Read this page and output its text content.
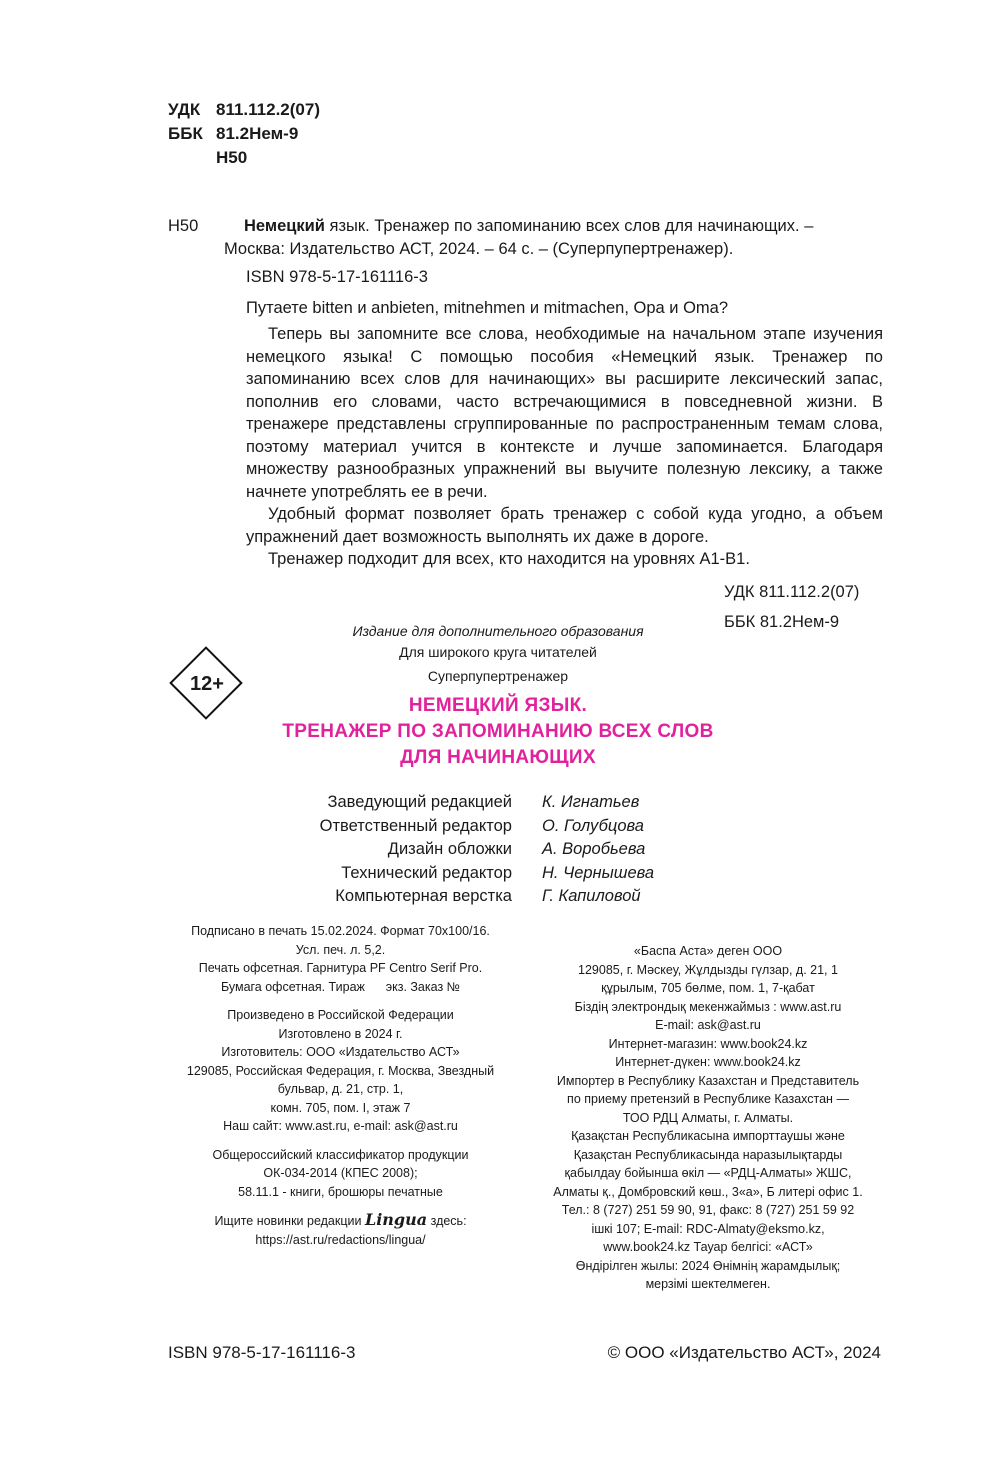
УДК 811.112.2(07)
ББК 81.2Нем-9
Н50
Н50	Немецкий язык. Тренажер по запоминанию всех слов для начинающих. –
Москва: Издательство АСТ, 2024. – 64 с. – (Суперпупертренажер).
ISBN 978-5-17-161116-3

Путаете bitten и anbieten, mitnehmen и mitmachen, Opa и Oma?

Теперь вы запомните все слова, необходимые на начальном этапе изучения немецкого языка! С помощью пособия «Немецкий язык. Тренажер по запоминанию всех слов для начинающих» вы расширите лексический запас, пополнив его словами, часто встречающимися в повседневной жизни. В тренажере представлены сгруппированные по распространенным темам слова, поэтому материал учится в контексте и лучше запоминается. Благодаря множеству разнообразных упражнений вы выучите полезную лексику, а также начнете употреблять ее в речи.

Удобный формат позволяет брать тренажер с собой куда угодно, а объем упражнений дает возможность выполнять их даже в дороге.

Тренажер подходит для всех, кто находится на уровнях A1-B1.

УДК 811.112.2(07)
ББК 81.2Нем-9
Издание для дополнительного образования
Для широкого круга читателей
12+	Суперпупертренажер
НЕМЕЦКИЙ ЯЗЫК.
ТРЕНАЖЕР ПО ЗАПОМИНАНИЮ ВСЕХ СЛОВ
ДЛЯ НАЧИНАЮЩИХ
Заведующий редакцией К. Игнатьев
Ответственный редактор О. Голубцова
Дизайн обложки А. Воробьева
Технический редактор Н. Чернышева
Компьютерная верстка Г. Капиловой
Подписано в печать 15.02.2024. Формат 70х100/16.
Усл. печ. л. 5,2.
Печать офсетная. Гарнитура PF Centro Serif Pro.
Бумага офсетная. Тираж      экз. Заказ №
Произведено в Российской Федерации
Изготовлено в 2024 г.
Изготовитель: ООО «Издательство АСТ»
129085, Российская Федерация, г. Москва, Звездный
бульвар, д. 21, стр. 1,
комн. 705, пом. I, этаж 7
Наш сайт: www.ast.ru, e-mail: ask@ast.ru
Общероссийский классификатор продукции
ОК-034-2014 (КПЕС 2008);
58.11.1 - книги, брошюры печатные
Ищите новинки редакции Lingua здесь:
https://ast.ru/redactions/lingua/
«Баспа Аста» деген ООО
129085, г. Мәскеу, Жұлдызды гүлзар, д. 21, 1
құрылым, 705 бөлме, пом. 1, 7-қабат
Біздің электрондық мекенжаймыз : www.ast.ru
E-mail: ask@ast.ru
Интернет-магазин: www.book24.kz
Интернет-дүкен: www.book24.kz
Импортер в Республику Казахстан и Представитель
по приему претензий в Республике Казахстан —
ТОО РДЦ Алматы, г. Алматы.
Қазақстан Республикасына импорттаушы және
Қазақстан Республикасында наразылықтарды
қабылдау бойынша өкіл — «РДЦ-Алматы» ЖШС,
Алматы қ., Домбровский көш., 3«а», Б литері офис 1.
Тел.: 8 (727) 251 59 90, 91, факс: 8 (727) 251 59 92
ішкі 107; E-mail: RDC-Almaty@eksmo.kz,
www.book24.kz Тауар белгісі: «АСТ»
Өндірілген жылы: 2024 Өнімнің жарамдылық;
мерзімі шектелмеген.
ISBN 978-5-17-161116-3	© ООО «Издательство АСТ», 2024
